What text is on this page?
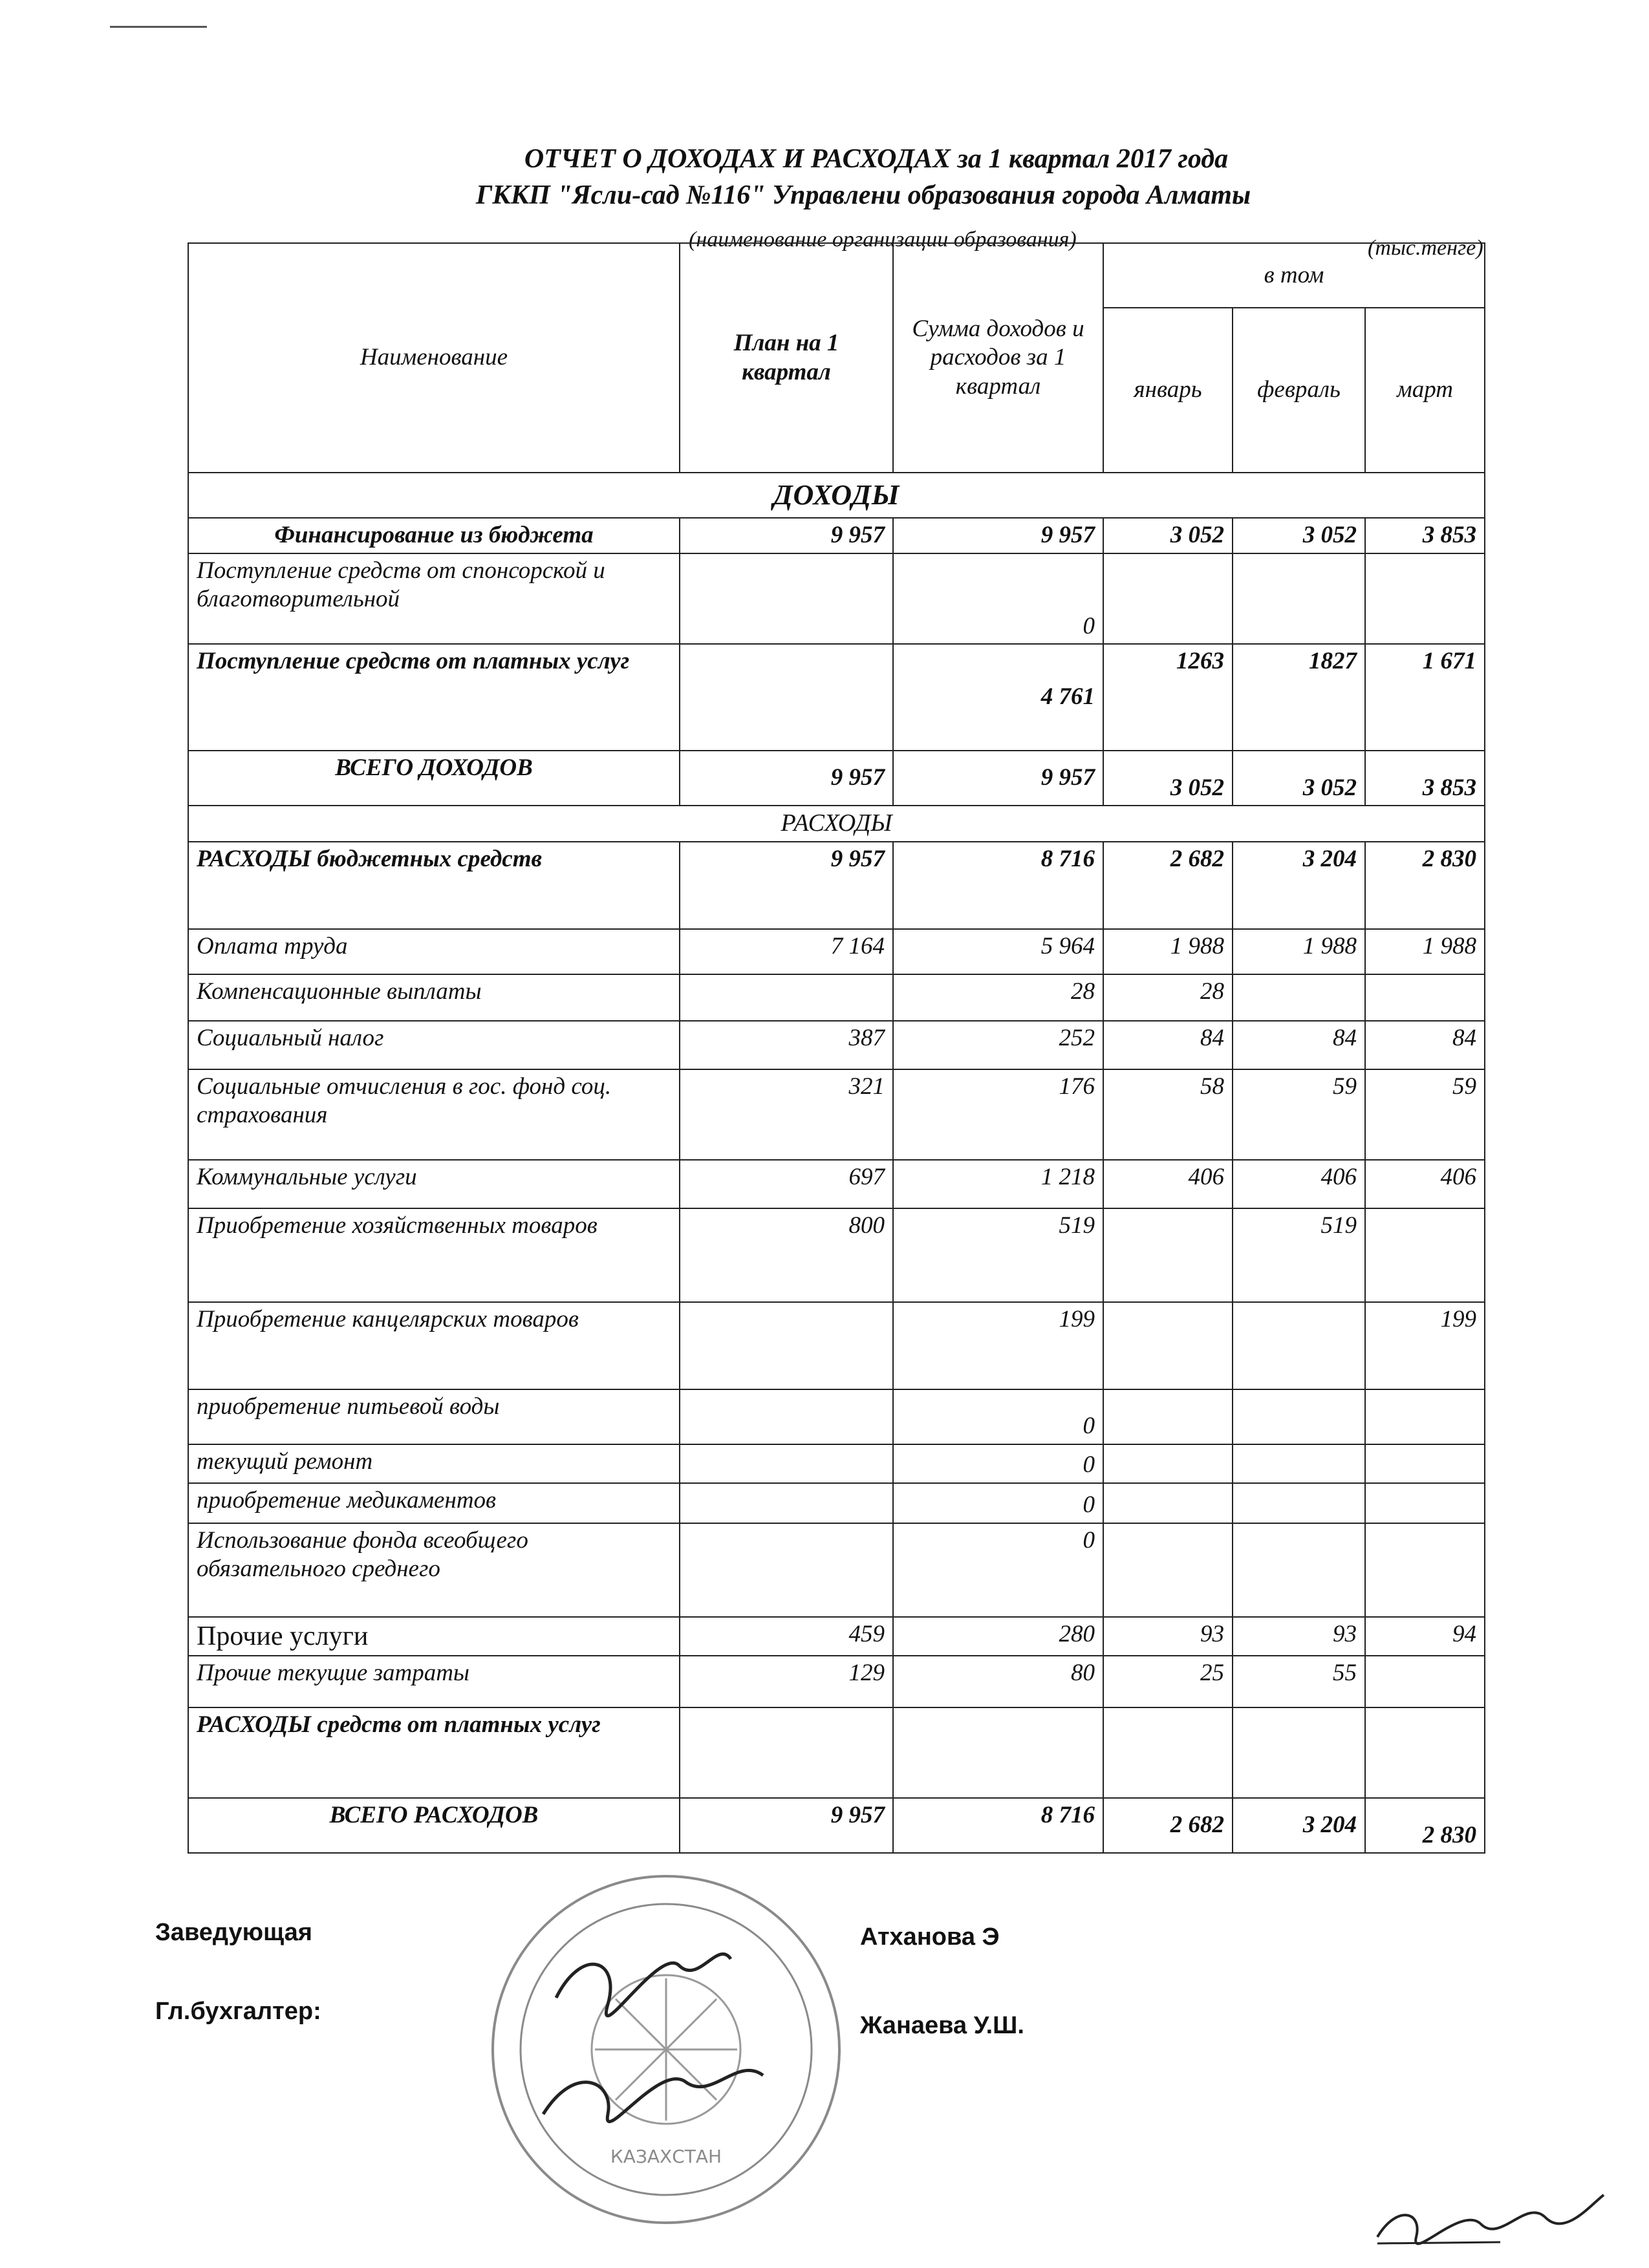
ОТЧЕТ О ДОХОДАХ И РАСХОДАХ за 1 квартал 2017 года
ГККП "Ясли-сад №116" Управлени образования города Алматы
(наименование организации образования)	(тыс.тенге)
Наименование	План на 1 квартал	Сумма доходов и расходов за 1 квартал	в том		
			январь	февраль	март
ДОХОДЫ					
Финансирование из бюджета	9 957	9 957	3 052	3 052	3 853
Поступление средств от спонсорской и благотворительной		0			
Поступление средств от платных услуг		4 761	1263	1827	1 671
ВСЕГО ДОХОДОВ	9 957	9 957	3 052	3 052	3 853
РАСХОДЫ					
РАСХОДЫ бюджетных средств	9 957	8 716	2 682	3 204	2 830
Оплата труда	7 164	5 964	1 988	1 988	1 988
Компенсационные выплаты		28	28		
Социальный налог	387	252	84	84	84
Социальные отчисления в гос. фонд соц. страхования	321	176	58	59	59
Коммунальные услуги	697	1 218	406	406	406
Приобретение хозяйственных товаров	800	519		519	
Приобретение канцелярских товаров		199			199
приобретение питьевой воды		0			
текущий ремонт		0			
приобретение медикаментов		0			
Использование фонда всеобщего обязательного среднего		0			
Прочие услуги	459	280	93	93	94
Прочие текущие затраты	129	80	25	55	
РАСХОДЫ средств от платных услуг					
ВСЕГО РАСХОДОВ	9 957	8 716	2 682	3 204	2 830
Заведующая	Атханова Э
Гл.бухгалтер:
Жанаева У.Ш.
КАЗАХСТАН
